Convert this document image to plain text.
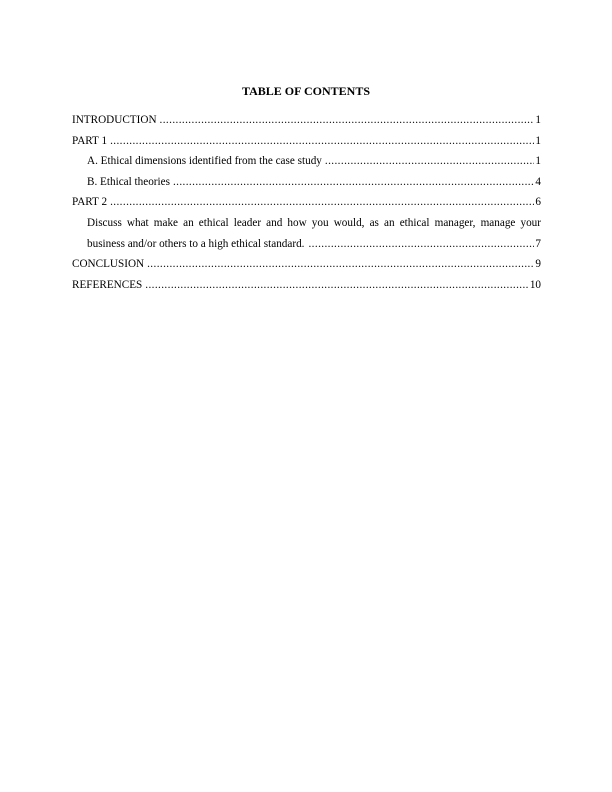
TABLE OF CONTENTS
INTRODUCTION .....	1
PART 1 .....	1
A. Ethical dimensions identified from the case study .....	1
B. Ethical theories .....	4
PART 2 .....	6
Discuss what make an ethical leader and how you would, as an ethical manager, manage your
business and/or others to a high ethical standard. .....	7
CONCLUSION .....	9
REFERENCES .....	10
